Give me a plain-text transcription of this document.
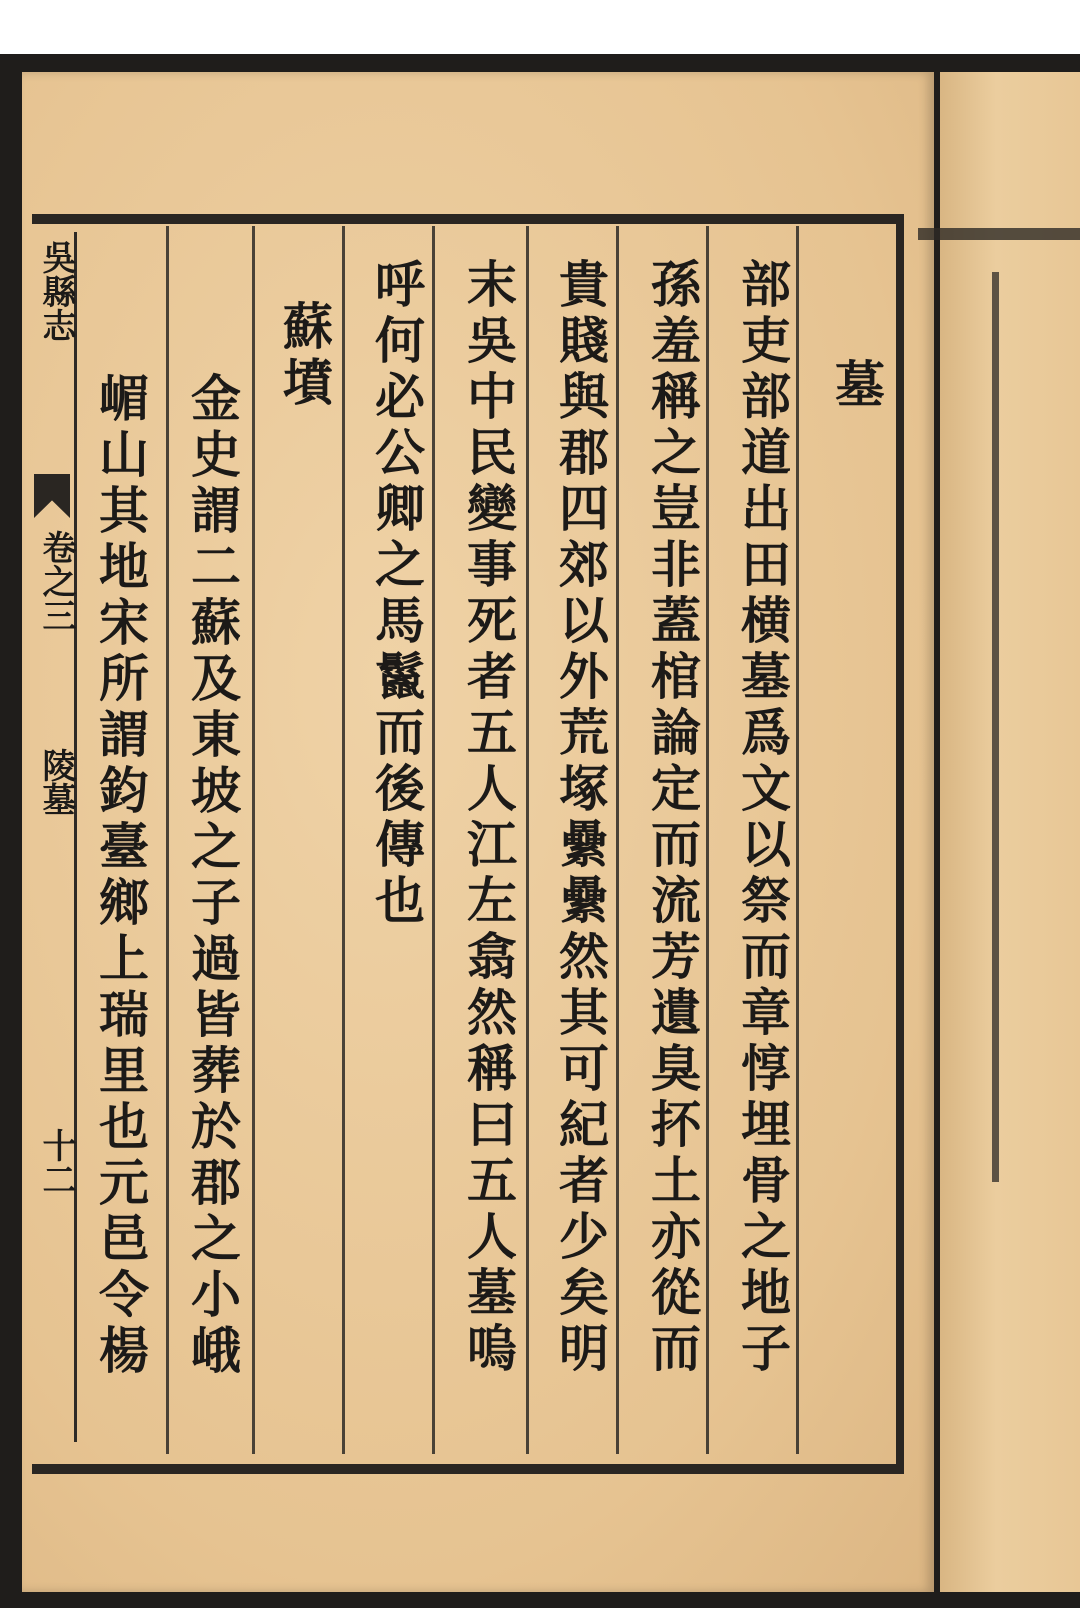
吳縣志
卷之三
陵墓
十二
墓
部吏部道出田横墓爲文以祭而章惇埋骨之地子
孫羞稱之豈非蓋棺論定而流芳遺臭抔土亦從而
貴賤與郡四郊以外荒塚纍纍然其可紀者少矣明
末吳中民變事死者五人江左翕然稱曰五人墓嗚
呼何必公卿之馬鬣而後傳也
蘇墳
金史謂二蘇及東坡之子過皆葬於郡之小峨
嵋山其地宋所謂鈞臺鄉上瑞里也元邑令楊
